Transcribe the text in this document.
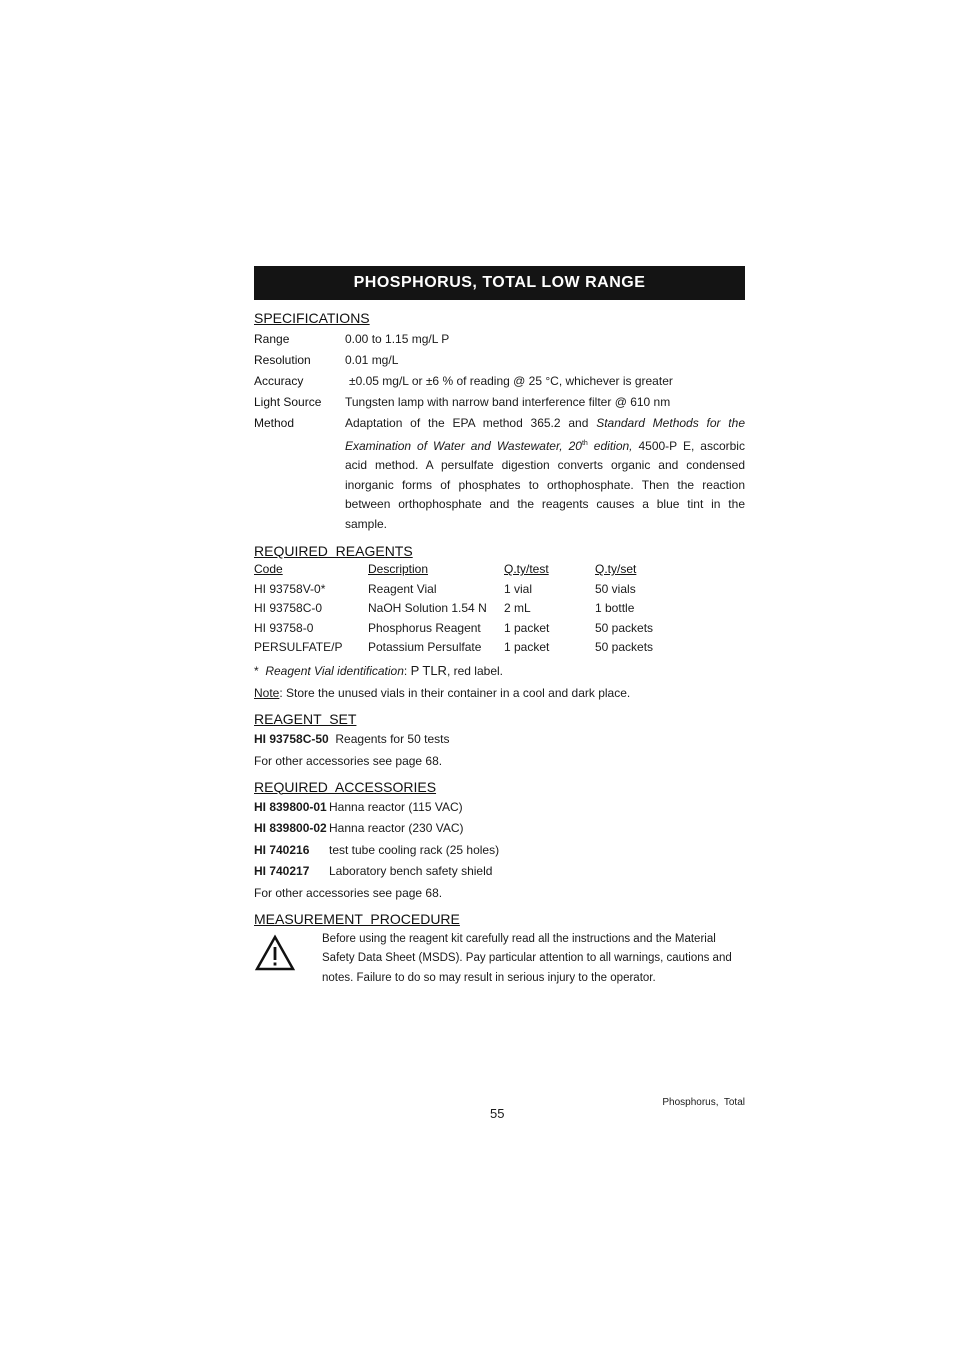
PHOSPHORUS, TOTAL LOW RANGE
SPECIFICATIONS
Range	0.00 to 1.15 mg/L P
Resolution	0.01 mg/L
Accuracy	±0.05 mg/L or ±6 % of reading @ 25 °C, whichever is greater
Light Source	Tungsten lamp with narrow band interference filter @ 610 nm
Method	Adaptation of the EPA method 365.2 and Standard Methods for the Examination of Water and Wastewater, 20th edition, 4500-P E, ascorbic acid method. A persulfate digestion converts organic and condensed inorganic forms of phosphates to orthophosphate. Then the reaction between orthophosphate and the reagents causes a blue tint in the sample.
REQUIRED  REAGENTS
Code	Description	Q.ty/test	Q.ty/set
HI 93758V-0*	Reagent Vial	1 vial	50 vials
HI 93758C-0	NaOH Solution 1.54 N	2 mL	1 bottle
HI 93758-0	Phosphorus Reagent	1 packet	50 packets
PERSULFATE/P	Potassium Persulfate	1 packet	50 packets
* Reagent Vial identification: P TLR, red label.
Note: Store the unused vials in their container in a cool and dark place.
REAGENT  SET
HI 93758C-50 Reagents for 50 tests
For other accessories see page 68.
REQUIRED  ACCESSORIES
HI 839800-01 Hanna reactor (115 VAC)
HI 839800-02 Hanna reactor (230 VAC)
HI 740216	test tube cooling rack (25 holes)
HI 740217	Laboratory bench safety shield
For other accessories see page 68.
MEASUREMENT  PROCEDURE
Before using the reagent kit carefully read all the instructions and the Material Safety Data Sheet (MSDS). Pay particular attention to all warnings, cautions and notes. Failure to do so may result in serious injury to the operator.
Phosphorus,  Total
55
